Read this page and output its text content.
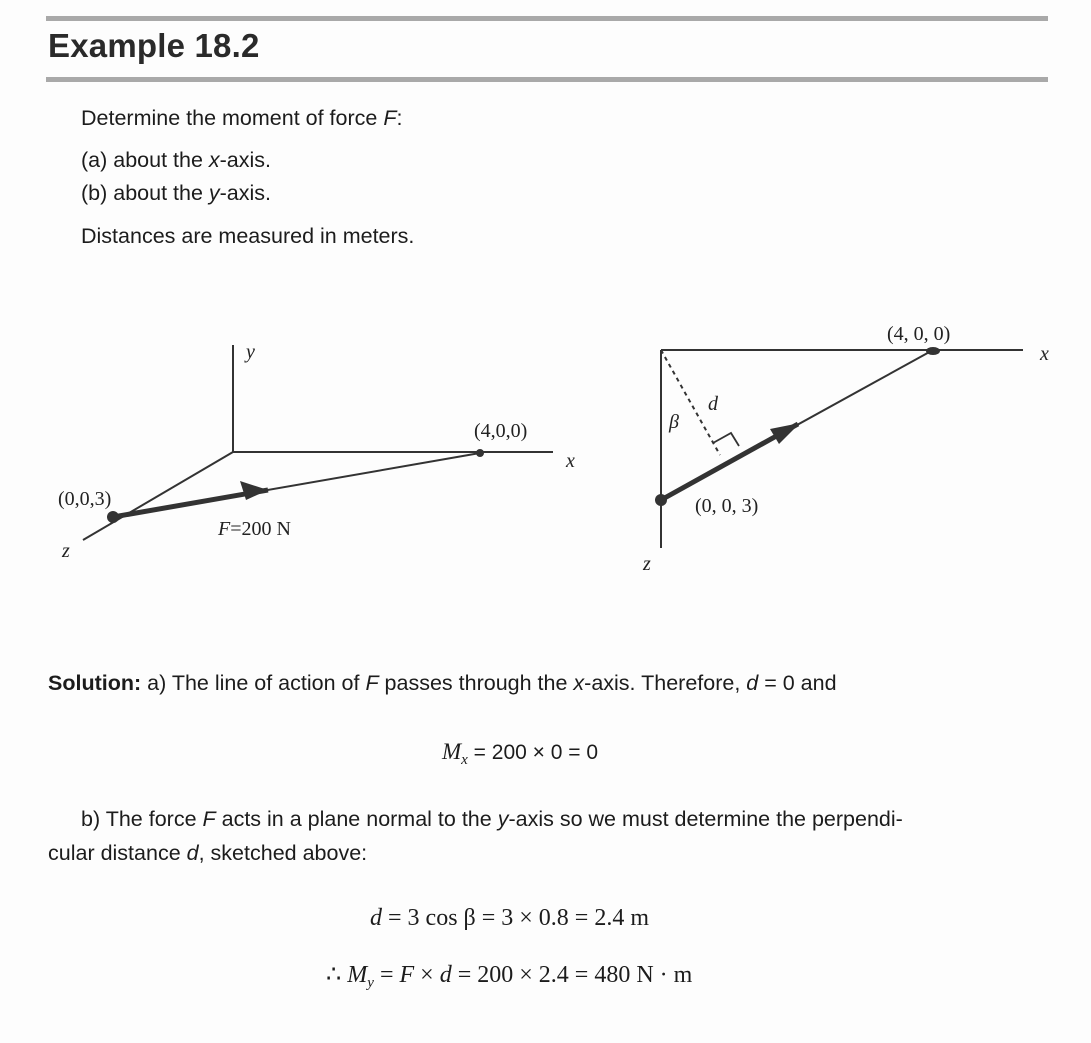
Example 18.2
Determine the moment of force F:
(a) about the x-axis.
(b) about the y-axis.
Distances are measured in meters.
y
x
z
(0,0,3)
(4,0,0)
F=200 N
x
z
(4, 0, 0)
(0, 0, 3)
d
β
Solution: a) The line of action of F passes through the x-axis. Therefore, d = 0 and
$M_x = 200 \times 0 = 0$
b) The force F acts in a plane normal to the y-axis so we must determine the perpendi-
cular distance d, sketched above:
d = 3 cos β = 3 × 0.8 = 2.4 m
∴ $M_y = F \times d = 200 \times 2.4 = 480$ N · m
